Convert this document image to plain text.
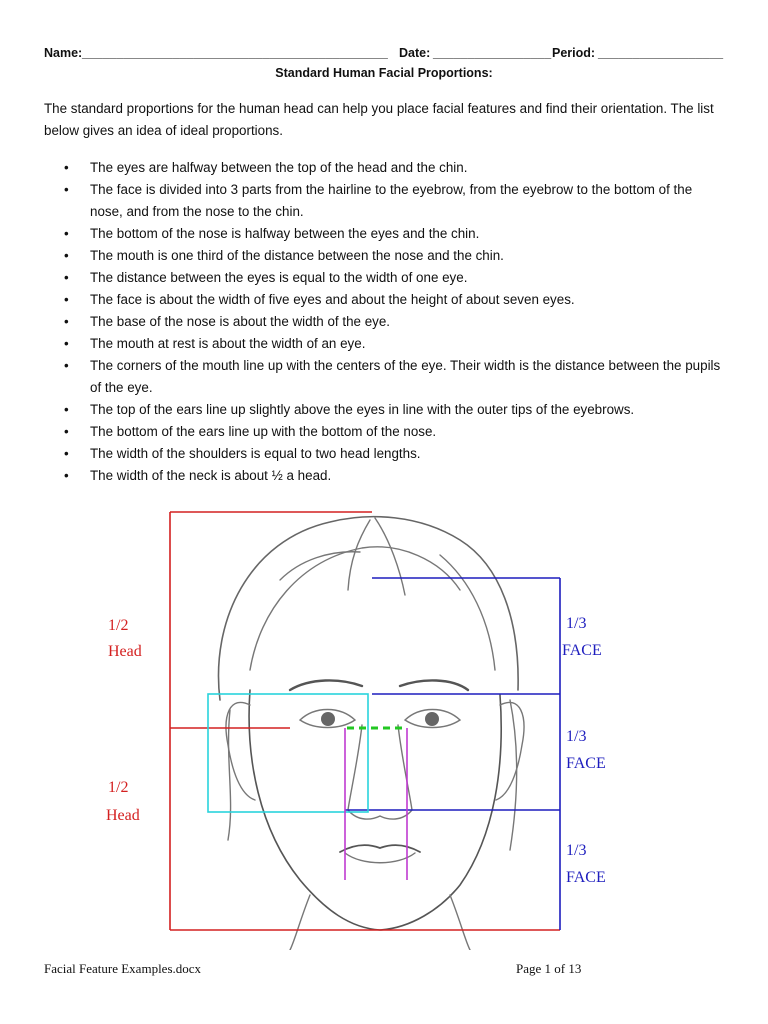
Name: ____________________________________________ Date: _________________ Period: __________________
Standard Human Facial Proportions:
The standard proportions for the human head can help you place facial features and find their orientation. The list below gives an idea of ideal proportions.
• The eyes are halfway between the top of the head and the chin.
• The face is divided into 3 parts from the hairline to the eyebrow, from the eyebrow to the bottom of the nose, and from the nose to the chin.
• The bottom of the nose is halfway between the eyes and the chin.
• The mouth is one third of the distance between the nose and the chin.
• The distance between the eyes is equal to the width of one eye.
• The face is about the width of five eyes and about the height of about seven eyes.
• The base of the nose is about the width of the eye.
• The mouth at rest is about the width of an eye.
• The corners of the mouth line up with the centers of the eye. Their width is the distance between the pupils of the eye.
• The top of the ears line up slightly above the eyes in line with the outer tips of the eyebrows.
• The bottom of the ears line up with the bottom of the nose.
• The width of the shoulders is equal to two head lengths.
• The width of the neck is about ½ a head.
1/2
Head
1/2
Head
1/3
FACE
1/3
FACE
1/3
FACE
Facial Feature Examples.docx	Page 1 of 13
